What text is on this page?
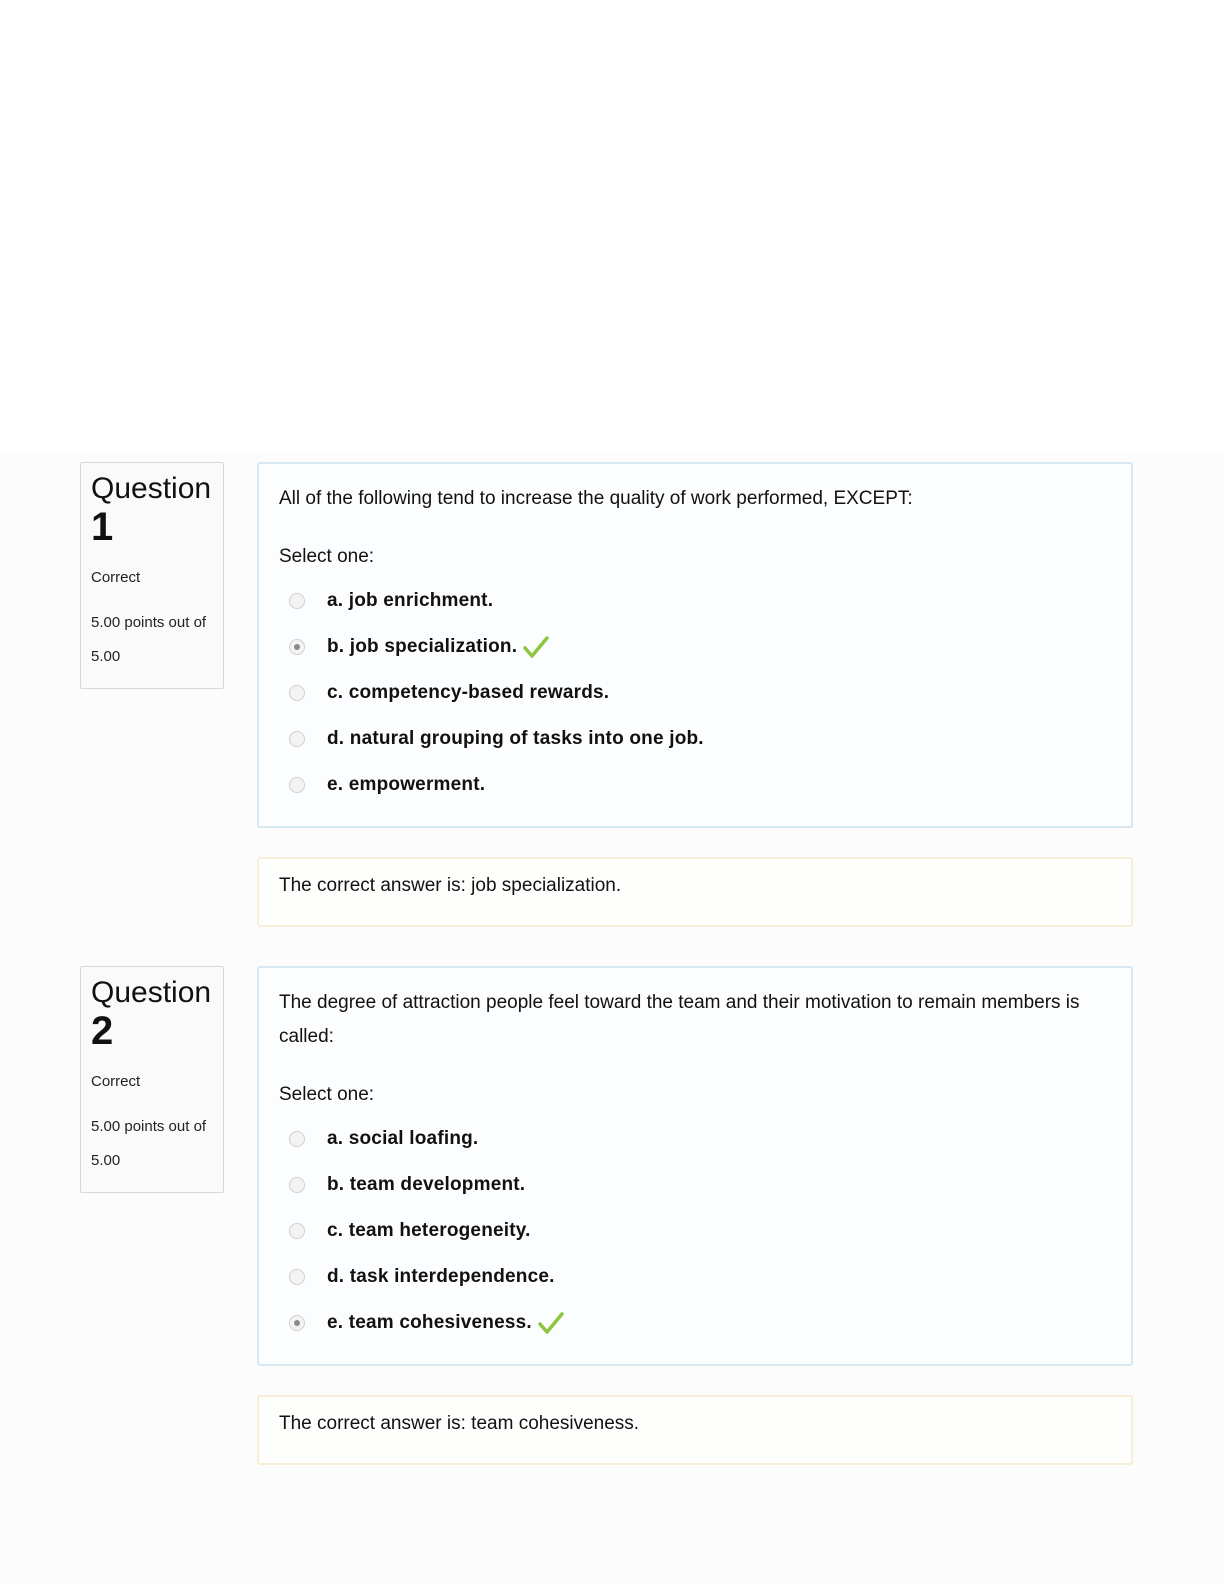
Question
1
Correct
5.00 points out of 5.00
All of the following tend to increase the quality of work performed, EXCEPT:
Select one:
a. job enrichment.
b. job specialization.
c. competency-based rewards.
d. natural grouping of tasks into one job.
e. empowerment.
The correct answer is: job specialization.
Question
2
Correct
5.00 points out of 5.00
The degree of attraction people feel toward the team and their motivation to remain members is called:
Select one:
a. social loafing.
b. team development.
c. team heterogeneity.
d. task interdependence.
e. team cohesiveness.
The correct answer is: team cohesiveness.
